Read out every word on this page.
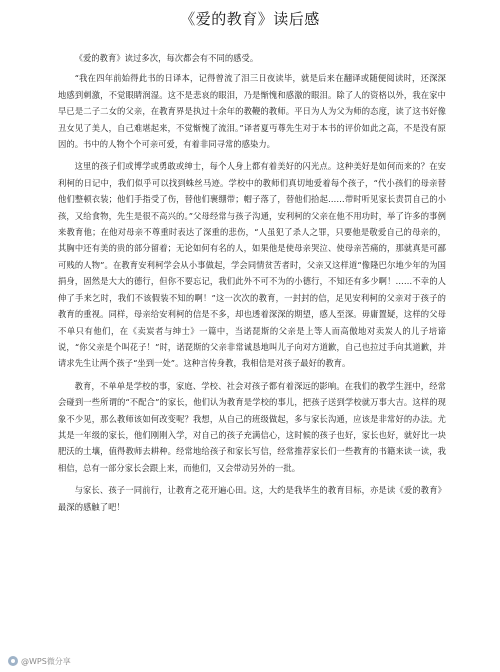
《爱的教育》读后感

《爱的教育》读过多次，每次都会有不同的感受。

“我在四年前始得此书的日译本，记得曾流了泪三日夜读毕，就是后来在翻译或随便阅读时，还深深地感到刺激，不觉眼睛润湿。这不是悲哀的眼泪，乃是惭愧和感激的眼泪。除了人的资格以外，我在家中早已是二子二女的父亲，在教育界是执过十余年的教鞭的教师。平日为人为父为师的态度，读了这书好像丑女见了美人，自己难堪起来，不觉惭愧了流泪。”译者夏丏尊先生对于本书的评价如此之高，不是没有原因的。书中的人物个个可亲可爱，有着非同寻常的感染力。

这里的孩子们或博学或勇敢或绅士，每个人身上都有着美好的闪光点。这种美好是如何而来的？在安利柯的日记中，我们似乎可以找到蛛丝马迹。学校中的教师们真切地爱着每个孩子，“代小孩们的母亲替他们整顿衣装；他们手指受了伤，替他们裹绷带；帽子落了，替他们拾起……带时听见家长责罚自己的小孩，又给食物，先生是很不高兴的。”父母经常与孩子沟通，安利柯的父亲在他不用功时，举了许多的事例来教育他；在他对母亲不尊重时表达了深重的悲伤，“人虽犯了杀人之罪，只要他是敬爱自己的母亲的，其胸中还有美的贵的部分留着；无论如何有名的人，如果他是使母亲哭泣、使母亲苦痛的，那就真是可鄙可贱的人物”。在教育安利柯学会从小事做起，学会同情贫苦者时，父亲又这样道“像隆巴尔地少年的为国捐身，固然是大大的德行，但你不要忘记，我们此外不可不为的小德行，不知还有多少啊！……不幸的人伸了手来乞时，我们不该假装不知的啊！”这一次次的教育，一封封的信，足见安利柯的父亲对于孩子的教育的重视。同样，母亲给安利柯的信是不多，却也透着深深的期望，感人至深。毋庸置疑，这样的父母不单只有他们，在《卖炭者与绅士》一篇中，当诺琵斯的父亲是上等人而高傲地对卖炭人的儿子培谛说，“你父亲是个叫花子！”时，诺琵斯的父亲非常诚恳地叫儿子向对方道歉，自己也拉过手向其道歉，并请求先生让两个孩子“坐到一处”。这种言传身教，我相信是对孩子最好的教育。

教育，不单单是学校的事，家庭、学校、社会对孩子都有着深远的影响。在我们的教学生涯中，经常会碰到一些所谓的“不配合”的家长，他们认为教育是学校的事儿，把孩子送到学校就万事大吉。这样的现象不少见，那么教师该如何改变呢？我想，从自己的班级做起，多与家长沟通，应该是非常好的办法。尤其是一年级的家长，他们刚刚入学，对自己的孩子充满信心，这时候的孩子也好，家长也好，就好比一块肥沃的土壤，值得教师去耕种。经常地给孩子和家长写信，经常推荐家长们一些教育的书籍来读一读，我相信，总有一部分家长会跟上来，而他们，又会带动另外的一批。

与家长、孩子一同前行，让教育之花开遍心田。这，大约是我毕生的教育目标，亦是读《爱的教育》最深的感触了吧！

@WPS微分享
